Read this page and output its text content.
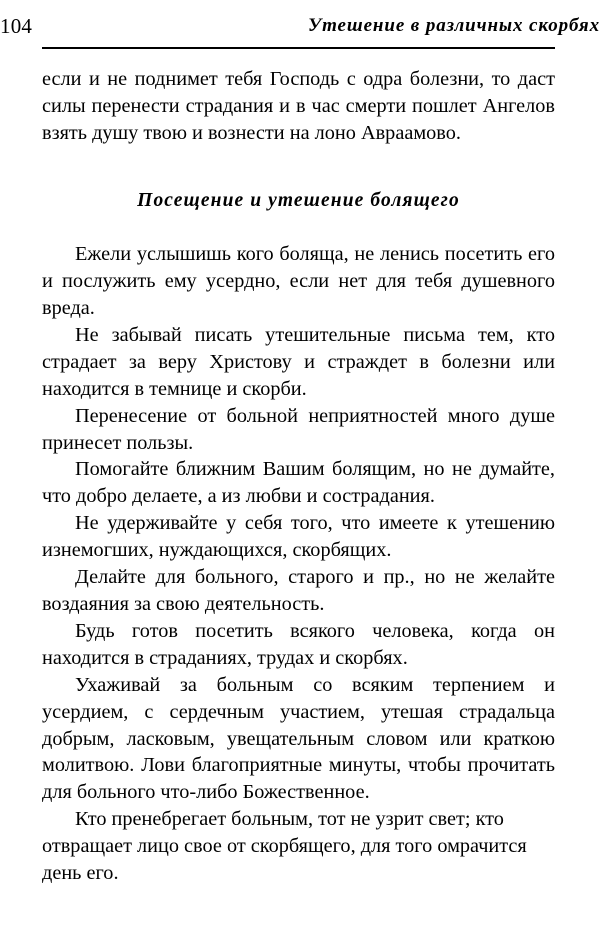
104	Утешение в различных скорбях

если и не поднимет тебя Господь с одра болезни, то даст силы перенести страдания и в час смерти пошлет Ангелов взять душу твою и вознести на лоно Авраамово.

Посещение и утешение болящего

Ежели услышишь кого боляща, не ленись посетить его и послужить ему усердно, если нет для тебя душевного вреда.

Не забывай писать утешительные письма тем, кто страдает за веру Христову и страждет в болезни или находится в темнице и скорби.

Перенесение от больной неприятностей много душе принесет пользы.

Помогайте ближним Вашим болящим, но не думайте, что добро делаете, а из любви и сострадания.

Не удерживайте у себя того, что имеете к утешению изнемогших, нуждающихся, скорбящих.

Делайте для больного, старого и пр., но не желайте воздаяния за свою деятельность.

Будь готов посетить всякого человека, когда он находится в страданиях, трудах и скорбях.

Ухаживай за больным со всяким терпением и усердием, с сердечным участием, утешая страдальца добрым, ласковым, увещательным словом или краткою молитвою. Лови благоприятные минуты, чтобы прочитать для больного что-либо Божественное.

Кто пренебрегает больным, тот не узрит свет; кто отвращает лицо свое от скорбящего, для того омрачится день его.
